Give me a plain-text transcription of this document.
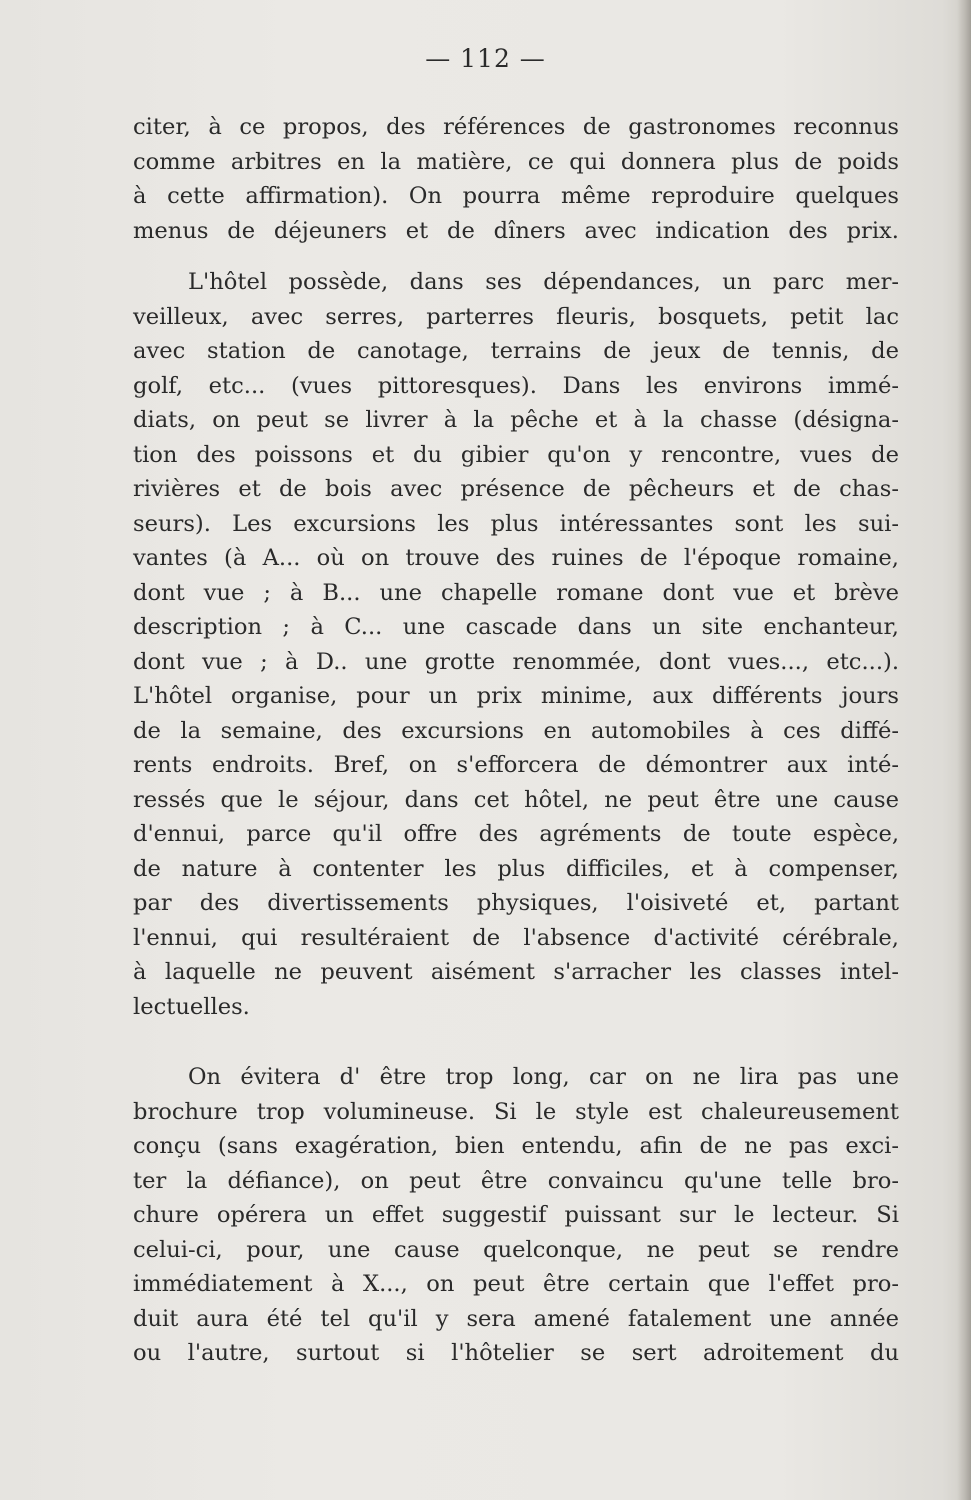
— 112 —
citer, à ce propos, des références de gastronomes reconnus
comme arbitres en la matière, ce qui donnera plus de poids
à cette affirmation). On pourra même reproduire quelques
menus de déjeuners et de dîners avec indication des prix.
L'hôtel possède, dans ses dépendances, un parc mer-
veilleux, avec serres, parterres fleuris, bosquets, petit lac
avec station de canotage, terrains de jeux de tennis, de
golf, etc... (vues pittoresques). Dans les environs immé-
diats, on peut se livrer à la pêche et à la chasse (désigna-
tion des poissons et du gibier qu'on y rencontre, vues de
rivières et de bois avec présence de pêcheurs et de chas-
seurs). Les excursions les plus intéressantes sont les sui-
vantes (à A... où on trouve des ruines de l'époque romaine,
dont vue ; à B... une chapelle romane dont vue et brève
description ; à C... une cascade dans un site enchanteur,
dont vue ; à D.. une grotte renommée, dont vues..., etc...).
L'hôtel organise, pour un prix minime, aux différents jours
de la semaine, des excursions en automobiles à ces diffé-
rents endroits. Bref, on s'efforcera de démontrer aux inté-
ressés que le séjour, dans cet hôtel, ne peut être une cause
d'ennui, parce qu'il offre des agréments de toute espèce,
de nature à contenter les plus difficiles, et à compenser,
par des divertissements physiques, l'oisiveté et, partant
l'ennui, qui resultéraient de l'absence d'activité cérébrale,
à laquelle ne peuvent aisément s'arracher les classes intel-
lectuelles.
On évitera d' être trop long, car on ne lira pas une
brochure trop volumineuse. Si le style est chaleureusement
conçu (sans exagération, bien entendu, afin de ne pas exci-
ter la défiance), on peut être convaincu qu'une telle bro-
chure opérera un effet suggestif puissant sur le lecteur. Si
celui-ci, pour, une cause quelconque, ne peut se rendre
immédiatement à X..., on peut être certain que l'effet pro-
duit aura été tel qu'il y sera amené fatalement une année
ou l'autre, surtout si l'hôtelier se sert adroitement du
